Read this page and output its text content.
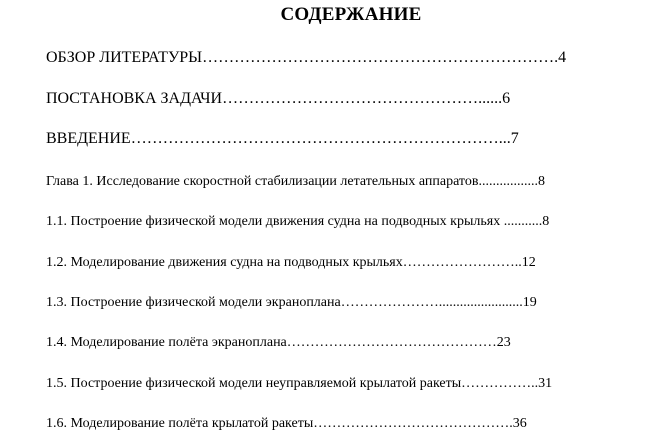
СОДЕРЖАНИЕ
ОБЗОР ЛИТЕРАТУРЫ………………………………………………………….4
ПОСТАНОВКА ЗАДАЧИ…………………………………………......6
ВВЕДЕНИЕ……………………………………………………………...7
Глава 1. Исследование скоростной стабилизации летательных аппаратов.................8
1.1. Построение физической модели движения судна на подводных крыльях ...........8
1.2. Моделирование движения судна на подводных крыльях……………………..12
1.3. Построение физической модели экраноплана…………………........................19
1.4. Моделирование полёта экраноплана………………………………………23
1.5. Построение физической модели неуправляемой крылатой ракеты……………..31
1.6. Моделирование полёта крылатой ракеты…………………………………….36
